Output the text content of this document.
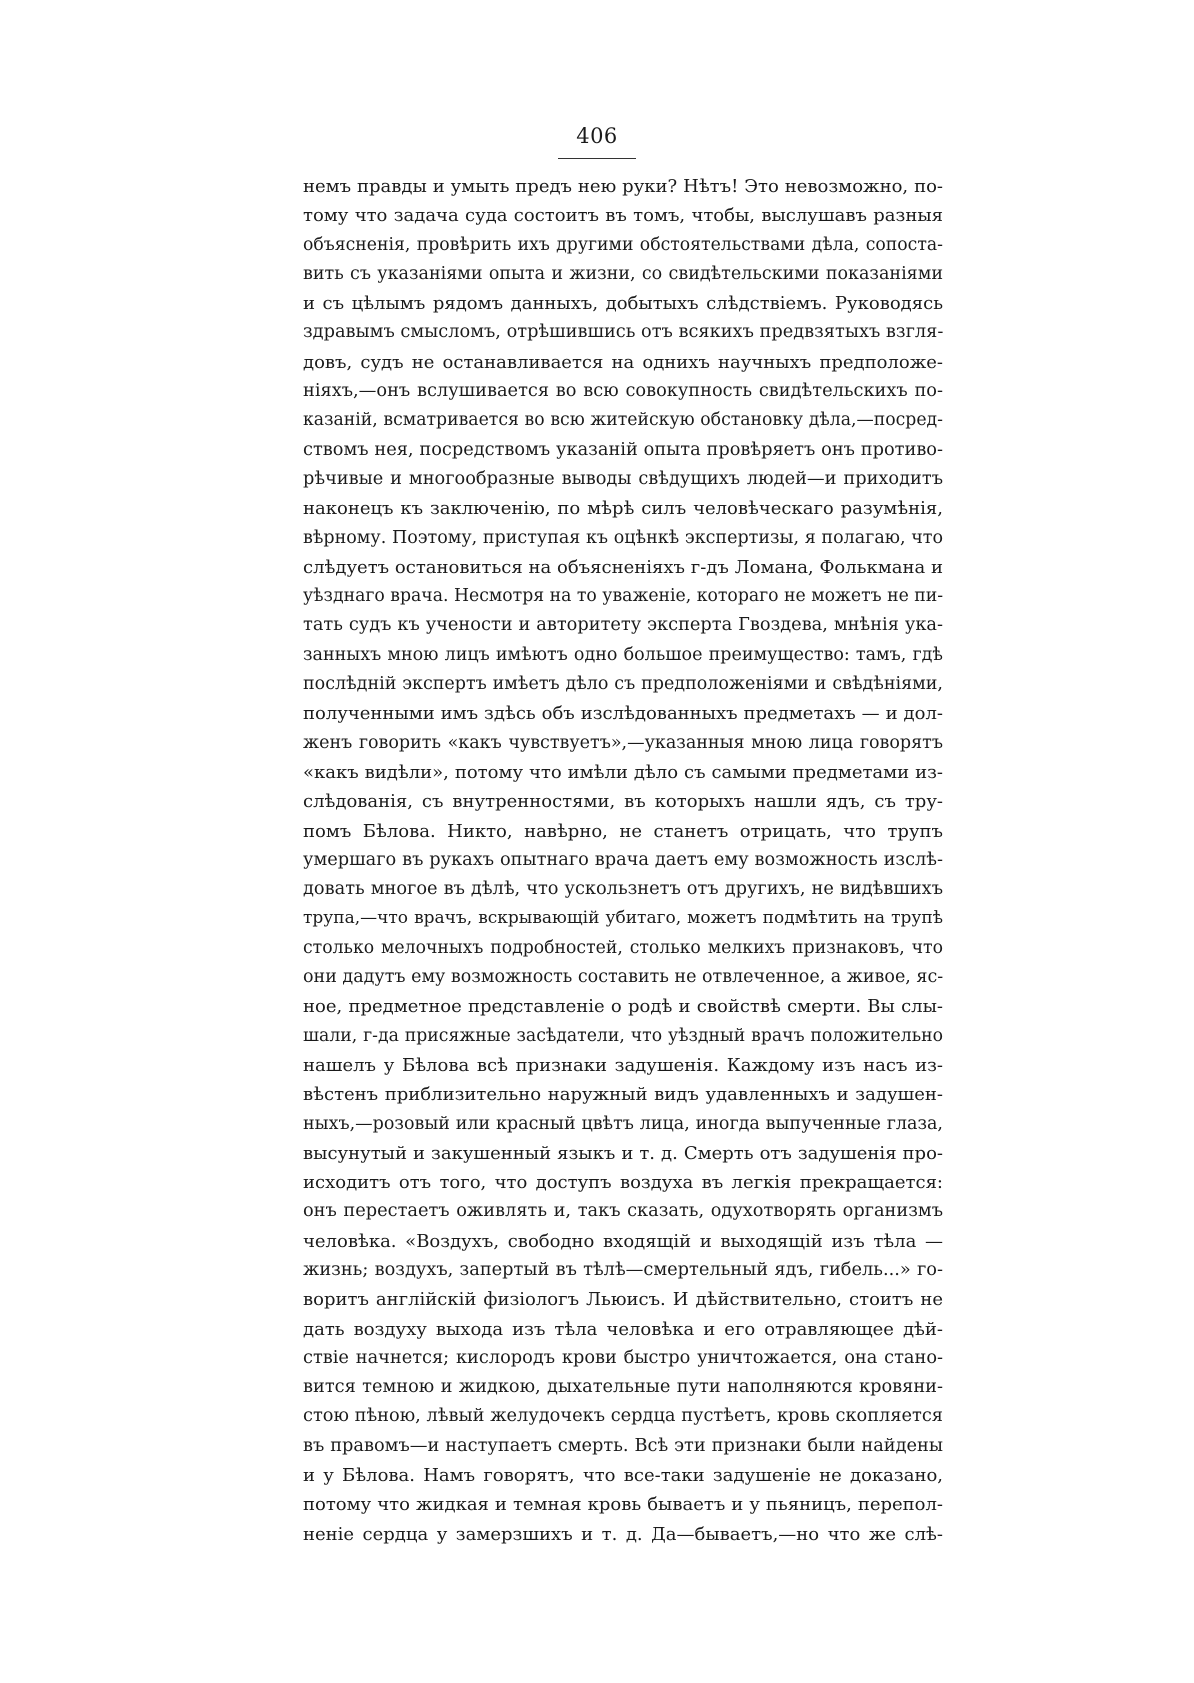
406
немъ правды и умыть предъ нею руки? Нѣтъ! Это невозможно, по-
тому что задача суда состоитъ въ томъ, чтобы, выслушавъ разныя
объясненія, провѣрить ихъ другими обстоятельствами дѣла, сопоста-
вить съ указаніями опыта и жизни, со свидѣтельскими показаніями
и съ цѣлымъ рядомъ данныхъ, добытыхъ слѣдствіемъ. Руководясь
здравымъ смысломъ, отрѣшившись отъ всякихъ предвзятыхъ взгля-
довъ, судъ не останавливается на однихъ научныхъ предположе-
ніяхъ,—онъ вслушивается во всю совокупность свидѣтельскихъ по-
казаній, всматривается во всю житейскую обстановку дѣла,—посред-
ствомъ нея, посредствомъ указаній опыта провѣряетъ онъ противо-
рѣчивые и многообразные выводы свѣдущихъ людей—и приходитъ
наконецъ къ заключенію, по мѣрѣ силъ человѣческаго разумѣнія,
вѣрному. Поэтому, приступая къ оцѣнкѣ экспертизы, я полагаю, что
слѣдуетъ остановиться на объясненіяхъ г-дъ Ломана, Фолькмана и
уѣзднаго врача. Несмотря на то уваженіе, котораго не можетъ не пи-
тать судъ къ учености и авторитету эксперта Гвоздева, мнѣнія ука-
занныхъ мною лицъ имѣютъ одно большое преимущество: тамъ, гдѣ
послѣдній экспертъ имѣетъ дѣло съ предположеніями и свѣдѣніями,
полученными имъ здѣсь объ изслѣдованныхъ предметахъ — и дол-
женъ говорить «какъ чувствуетъ»,—указанныя мною лица говорятъ
«какъ видѣли», потому что имѣли дѣло съ самыми предметами из-
слѣдованія, съ внутренностями, въ которыхъ нашли ядъ, съ тру-
помъ Бѣлова. Никто, навѣрно, не станетъ отрицать, что трупъ
умершаго въ рукахъ опытнаго врача даетъ ему возможность изслѣ-
довать многое въ дѣлѣ, что ускользнетъ отъ другихъ, не видѣвшихъ
трупа,—что врачъ, вскрывающій убитаго, можетъ подмѣтить на трупѣ
столько мелочныхъ подробностей, столько мелкихъ признаковъ, что
они дадутъ ему возможность составить не отвлеченное, а живое, яс-
ное, предметное представленіе о родѣ и свойствѣ смерти. Вы слы-
шали, г-да присяжные засѣдатели, что уѣздный врачъ положительно
нашелъ у Бѣлова всѣ признаки задушенія. Каждому изъ насъ из-
вѣстенъ приблизительно наружный видъ удавленныхъ и задушен-
ныхъ,—розовый или красный цвѣтъ лица, иногда выпученные глаза,
высунутый и закушенный языкъ и т. д. Смерть отъ задушенія про-
исходитъ отъ того, что доступъ воздуха въ легкія прекращается:
онъ перестаетъ оживлять и, такъ сказать, одухотворять организмъ
человѣка. «Воздухъ, свободно входящій и выходящій изъ тѣла —
жизнь; воздухъ, запертый въ тѣлѣ—смертельный ядъ, гибель...» го-
воритъ англійскій физіологъ Льюисъ. И дѣйствительно, стоитъ не
дать воздуху выхода изъ тѣла человѣка и его отравляющее дѣй-
ствіе начнется; кислородъ крови быстро уничтожается, она стано-
вится темною и жидкою, дыхательные пути наполняются кровяни-
стою пѣною, лѣвый желудочекъ сердца пустѣетъ, кровь скопляется
въ правомъ—и наступаетъ смерть. Всѣ эти признаки были найдены
и у Бѣлова. Намъ говорятъ, что все-таки задушеніе не доказано,
потому что жидкая и темная кровь бываетъ и у пьяницъ, перепол-
неніе сердца у замерзшихъ и т. д. Да—бываетъ,—но что же слѣ-
